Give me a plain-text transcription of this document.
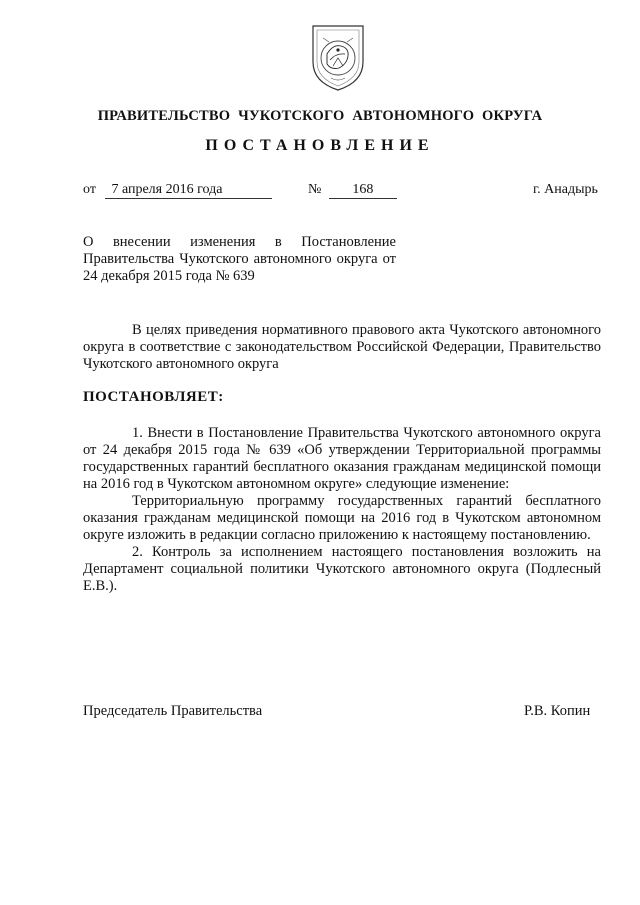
ПРАВИТЕЛЬСТВО ЧУКОТСКОГО АВТОНОМНОГО ОКРУГА
ПОСТАНОВЛЕНИЕ
от 7 апреля 2016 года	№ 168	г. Анадырь
О внесении изменения в Постановление Правительства Чукотского автономного округа от 24 декабря 2015 года № 639
В целях приведения нормативного правового акта Чукотского автономного округа в соответствие с законодательством Российской Федерации, Правительство Чукотского автономного округа
ПОСТАНОВЛЯЕТ:
1. Внести в Постановление Правительства Чукотского автономного округа от 24 декабря 2015 года № 639 «Об утверждении Территориальной программы государственных гарантий бесплатного оказания гражданам медицинской помощи на 2016 год в Чукотском автономном округе» следующие изменение:
Территориальную программу государственных гарантий бесплатного оказания гражданам медицинской помощи на 2016 год в Чукотском автономном округе изложить в редакции согласно приложению к настоящему постановлению.
2. Контроль за исполнением настоящего постановления возложить на Департамент социальной политики Чукотского автономного округа (Подлесный Е.В.).
Председатель Правительства	Р.В. Копин
